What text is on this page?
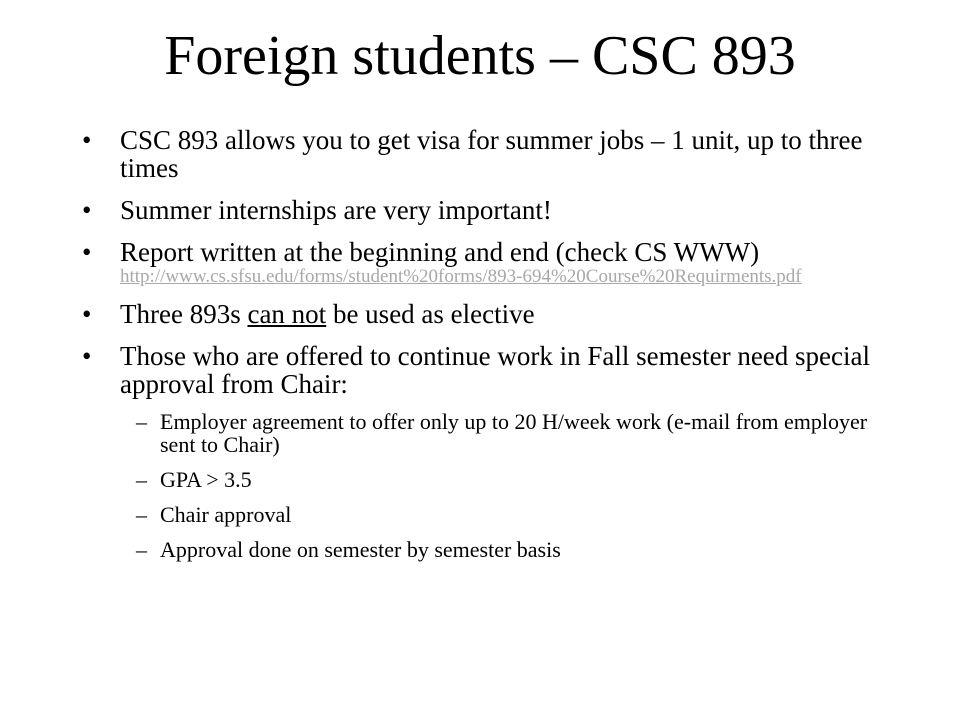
Foreign students – CSC 893
• CSC 893 allows you to get visa for summer jobs – 1 unit, up to three times
• Summer internships are very important!
• Report written at the beginning and end (check CS WWW)
http://www.cs.sfsu.edu/forms/student%20forms/893-694%20Course%20Requirments.pdf
• Three 893s can not be used as elective
• Those who are offered to continue work in Fall semester need special approval from Chair:
– Employer agreement to offer only up to 20 H/week work (e-mail from employer sent to Chair)
– GPA > 3.5
– Chair approval
– Approval done on semester by semester basis
